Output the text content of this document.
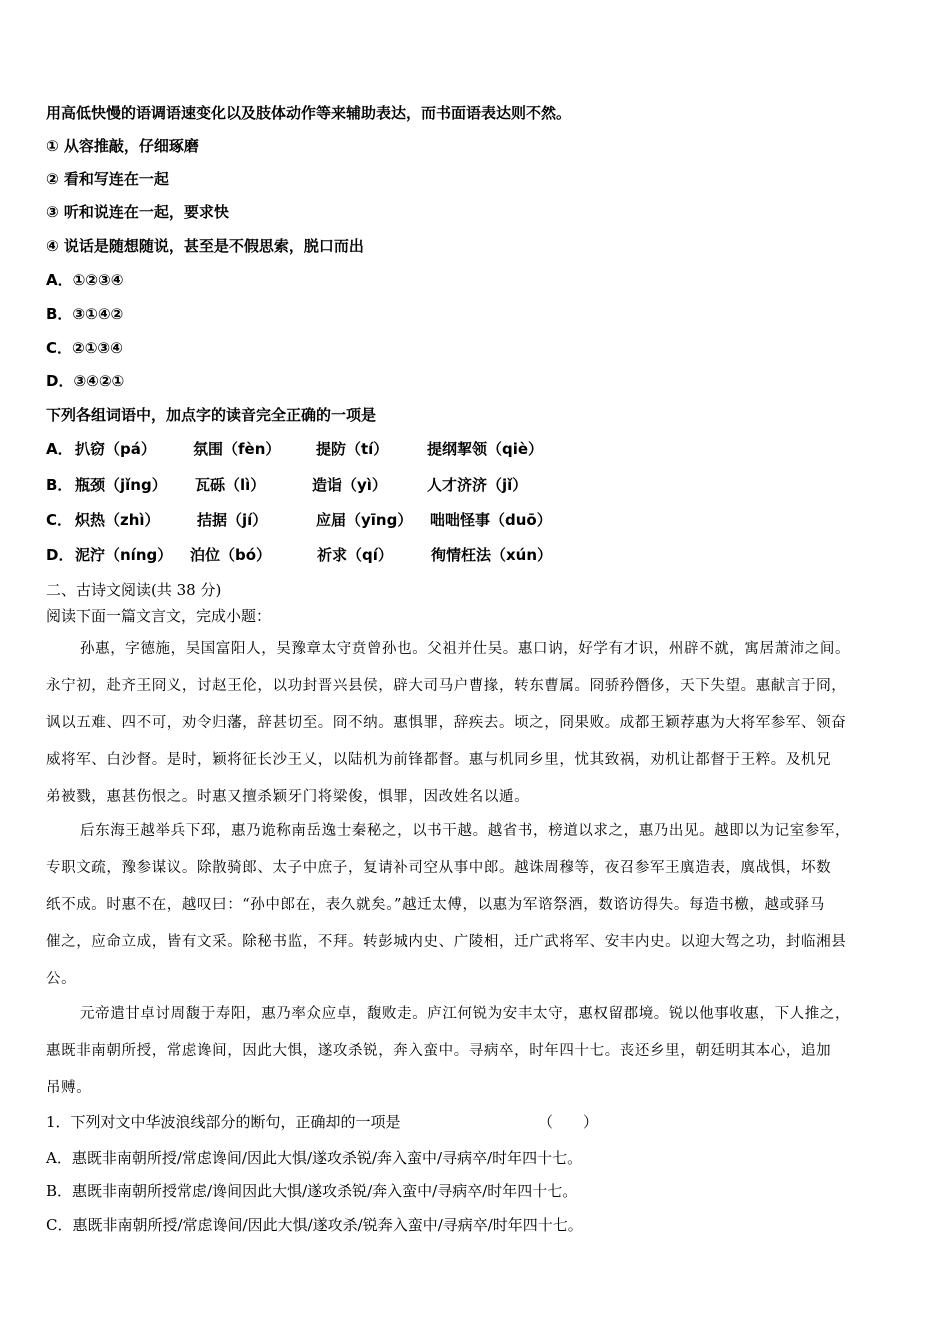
用高低快慢的语调语速变化以及肢体动作等来辅助表达，而书面语表达则不然。
① 从容推敲，仔细琢磨
② 看和写连在一起
③ 听和说连在一起，要求快
④ 说话是随想随说，甚至是不假思索，脱口而出
A．①②③④
B．③①④②
C．②①③④
D．③④②①
下列各组词语中，加点字的读音完全正确的一项是
A． 扒窃（pá） 氛围（fèn） 提防（tí）	提纲挈领（qiè）
B． 瓶颈（jǐng） 瓦砾（lì）	造诣（yì）	人才济济（jǐ）
C． 炽热（zhì） 拮据（jí）	应届（yīng） 咄咄怪事（duō）
D． 泥泞（níng） 泊位（bó）	祈求（qí）	徇情枉法（xún）
二、古诗文阅读(共 38 分)
阅读下面一篇文言文，完成小题：
孙惠，字德施，吴国富阳人，吴豫章太守贲曾孙也。父祖并仕吴。惠口讷，好学有才识，州辟不就，寓居萧沛之间。
永宁初，赴齐王冏义，讨赵王伦，以功封晋兴县侯，辟大司马户曹掾，转东曹属。冏骄矜僭侈，天下失望。惠献言于冏，
讽以五难、四不可，劝令归藩，辞甚切至。冏不纳。惠惧罪，辞疾去。顷之，冏果败。成都王颖荐惠为大将军参军、领奋
威将军、白沙督。是时，颖将征长沙王乂，以陆机为前锋都督。惠与机同乡里，忧其致祸，劝机让都督于王粹。及机兄
弟被戮，惠甚伤恨之。时惠又擅杀颖牙门将梁俊，惧罪，因改姓名以遁。
后东海王越举兵下邳，惠乃诡称南岳逸士秦秘之，以书干越。越省书，榜道以求之，惠乃出见。越即以为记室参军，
专职文疏，豫参谋议。除散骑郎、太子中庶子，复请补司空从事中郎。越诛周穆等，夜召参军王廙造表，廙战惧，坏数
纸不成。时惠不在，越叹曰：“孙中郎在，表久就矣。”越迁太傅，以惠为军谘祭酒，数谘访得失。每造书檄，越或驿马
催之，应命立成，皆有文采。除秘书监，不拜。转彭城内史、广陵相，迁广武将军、安丰内史。以迎大驾之功，封临湘县
公。
元帝遣甘卓讨周馥于寿阳，惠乃率众应卓，馥败走。庐江何锐为安丰太守，惠权留郡境。锐以他事收惠，下人推之，
惠既非南朝所授，常虑谗间，因此大惧，遂攻杀锐，奔入蛮中。寻病卒，时年四十七。丧还乡里，朝廷明其本心，追加
吊赙。
1．下列对文中华波浪线部分的断句，正确却的一项是	（　　）
A．惠既非南朝所授/常虑谗间/因此大惧/遂攻杀锐/奔入蛮中/寻病卒/时年四十七。
B．惠既非南朝所授常虑/谗间因此大惧/遂攻杀锐/奔入蛮中/寻病卒/时年四十七。
C．惠既非南朝所授/常虑谗间/因此大惧/遂攻杀/锐奔入蛮中/寻病卒/时年四十七。
